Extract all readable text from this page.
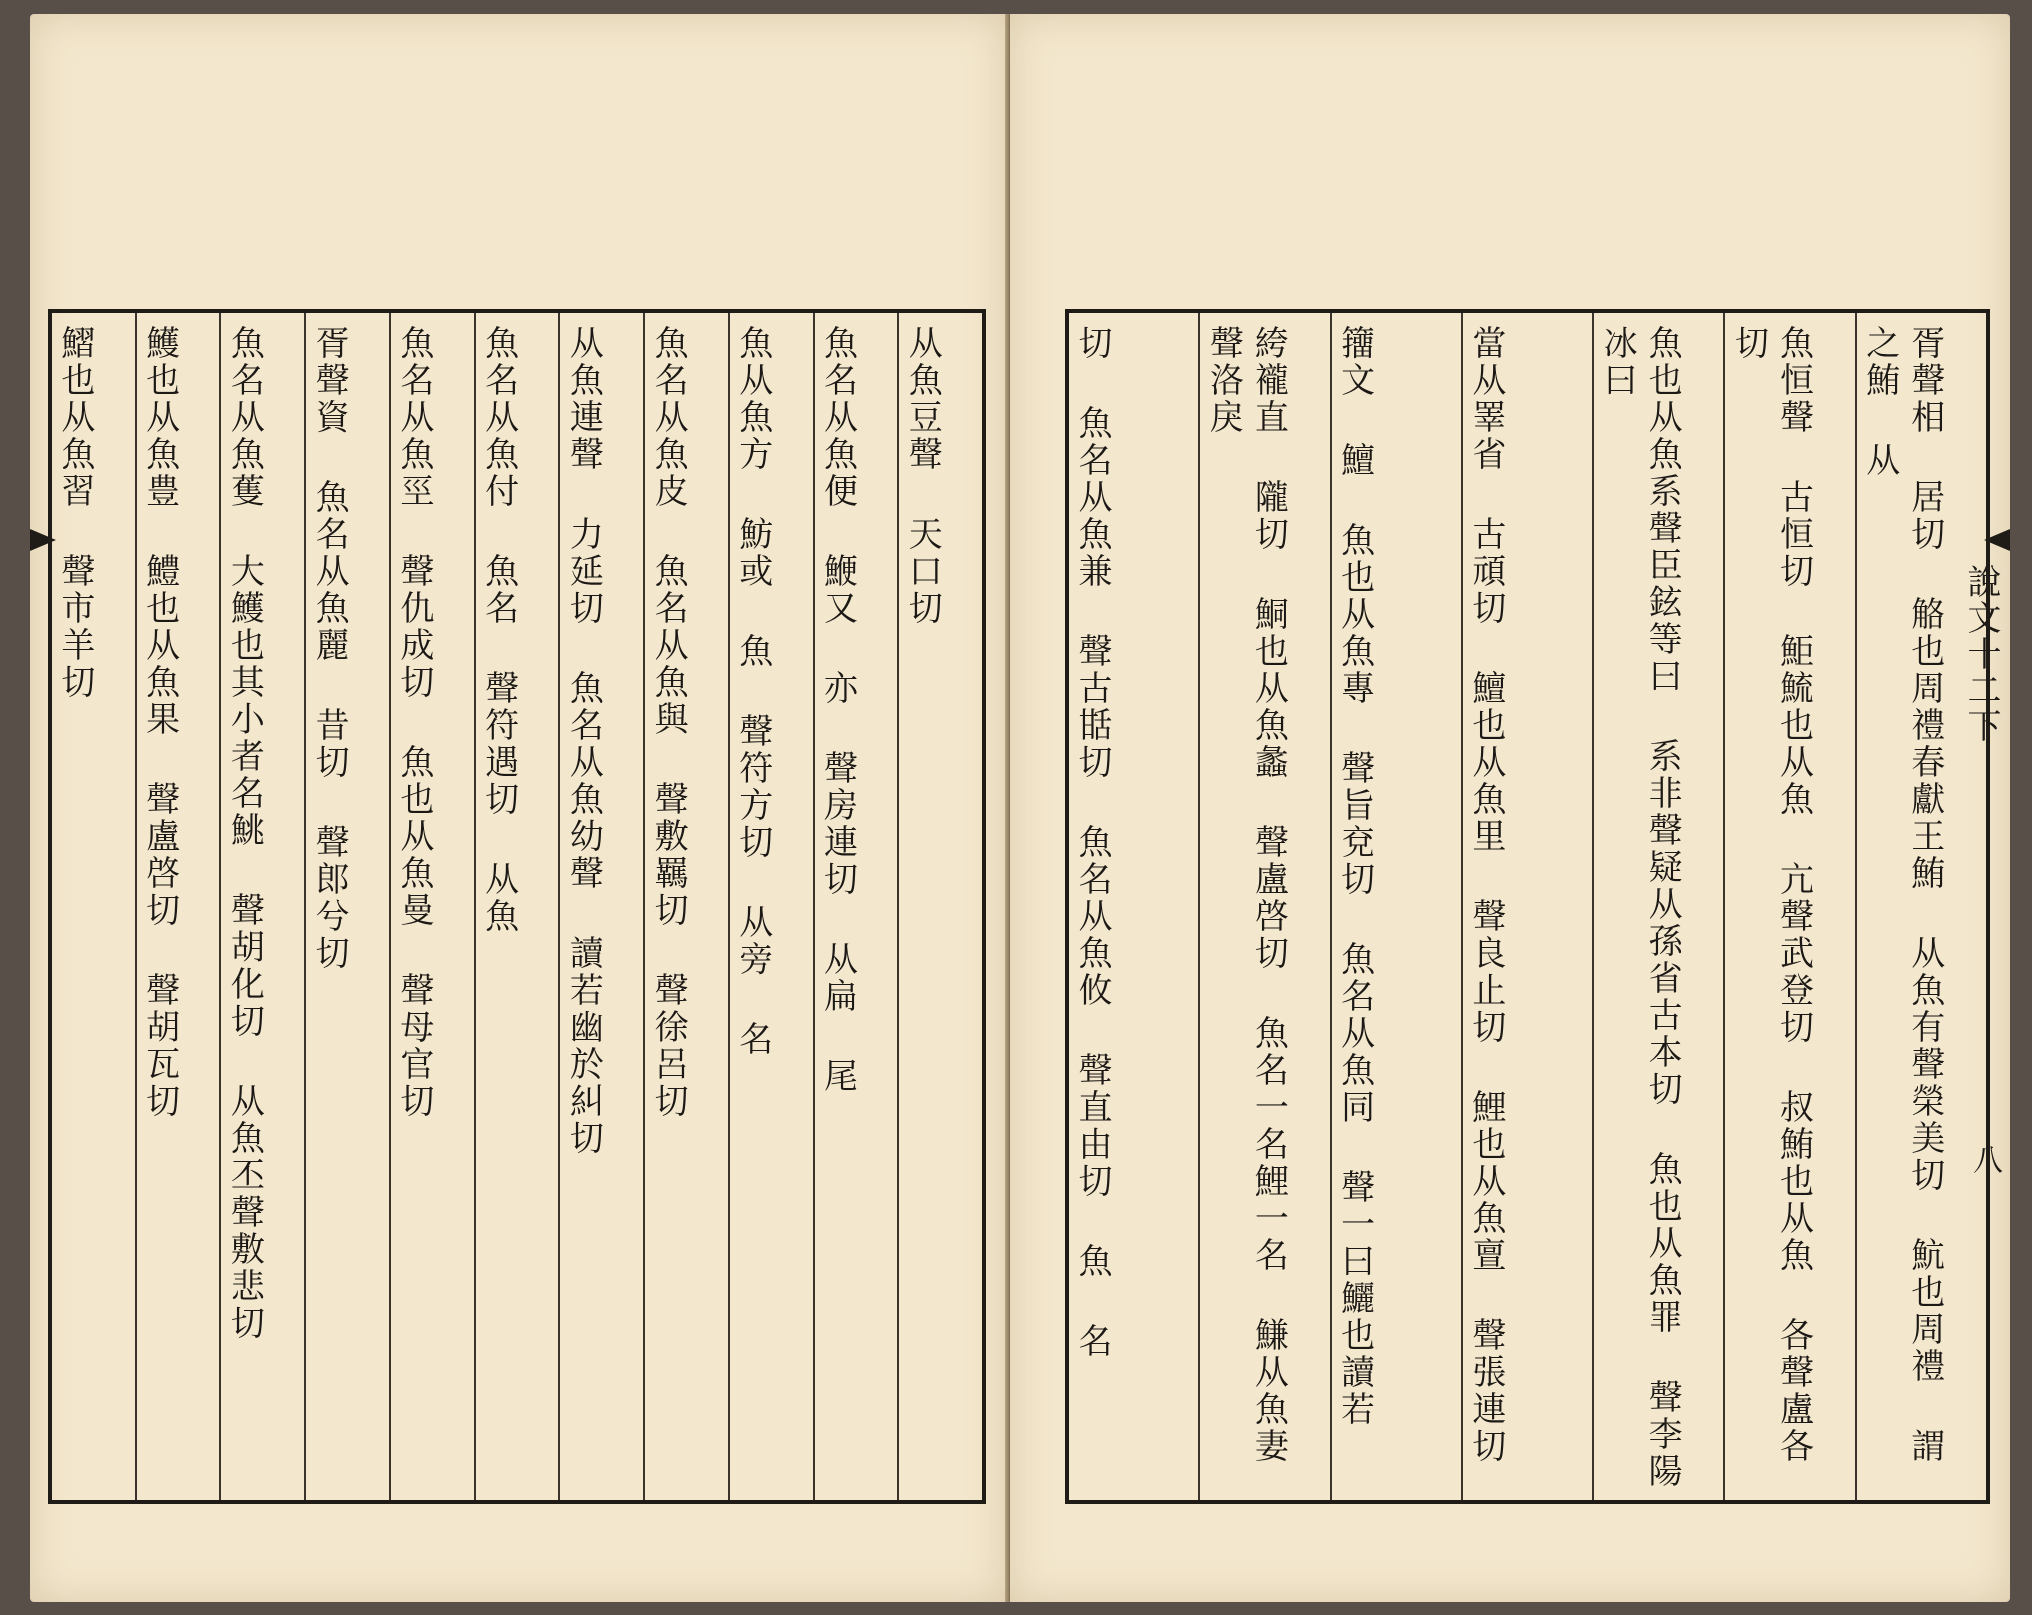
从魚豆聲 天口切
魚名从魚便 鯾又 亦 聲房連切 从扁 尾
魚从魚方 魴或 魚 聲符方切 从旁 名
魚名从魚皮 魚名从魚與 聲敷羈切 聲徐呂切
从魚連聲 力延切 魚名从魚幼聲 讀若幽於糾切
魚名从魚付 魚名 聲符遇切 从魚
魚名从魚巠 聲仇成切 魚也从魚曼 聲母官切
胥聲資 魚名从魚麗 昔切 聲郎兮切
魚名从魚蒦 大鱯也其小者名鮡 聲胡化切 从魚丕聲敷悲切
鱯也从魚豊 鱧也从魚果 聲盧啓切 聲胡瓦切
鰼也从魚習 聲市羊切	說文十二下
八
胥聲相 居切 觡也周禮春獻王鮪 从魚有聲榮美切 魧也周禮 謂之鮪 从
魚恒聲 古恒切 鮔鯍也从魚 亢聲武登切 叔鮪也从魚 各聲盧各切
魚也从魚系聲臣鉉等曰 系非聲疑从孫省古本切 魚也从魚罪 聲李陽冰曰
當从睪省 古頑切 鱣也从魚里 聲良止切 鯉也从魚亶 聲張連切
籒文 鱣 魚也从魚專 聲旨兗切 魚名从魚同 聲一曰鱺也讀若
絝襱直 隴切 鮦也从魚蠡 聲盧啓切 魚名一名鯉一名 鰜从魚妻聲洛戾
切 魚名从魚兼 聲古甛切 魚名从魚攸 聲直由切 魚 名
